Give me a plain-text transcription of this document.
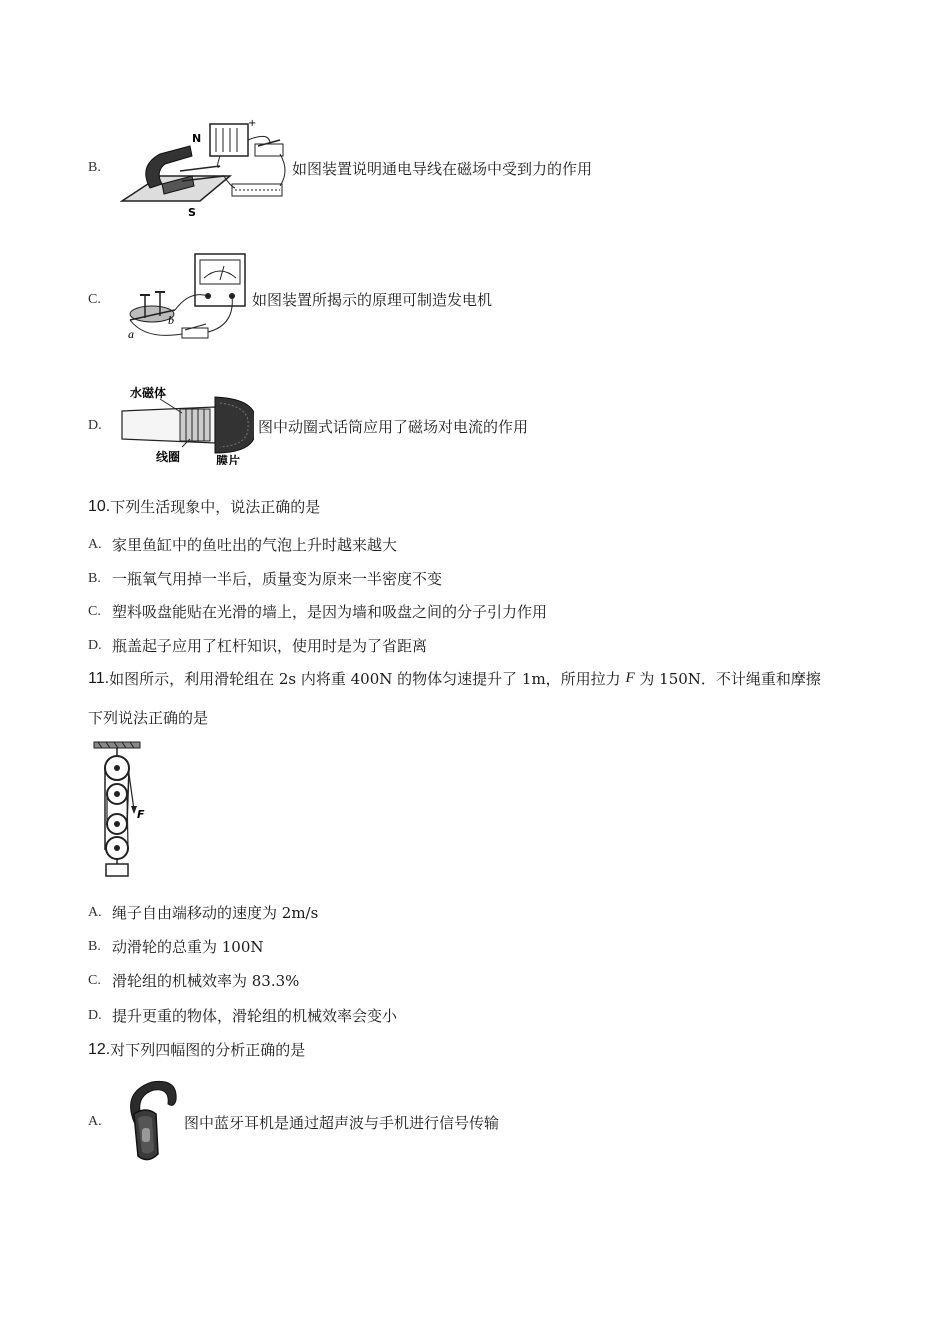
B.
N
S
+
如图装置说明通电导线在磁场中受到力的作用
C.
a
b
如图装置所揭示的原理可制造发电机
D.
水磁体
线圈	膜片
图中动圈式话筒应用了磁场对电流的作用
10. 下列生活现象中，说法正确的是
A. 家里鱼缸中的鱼吐出的气泡上升时越来越大
B. 一瓶氧气用掉一半后，质量变为原来一半密度不变
C. 塑料吸盘能贴在光滑的墙上，是因为墙和吸盘之间的分子引力作用
D. 瓶盖起子应用了杠杆知识，使用时是为了省距离
11. 如图所示，利用滑轮组在 2s 内将重 400N 的物体匀速提升了 1m，所用拉力 F 为 150N．不计绳重和摩擦
下列说法正确的是
F
A. 绳子自由端移动的速度为 2m/s
B. 动滑轮的总重为 100N
C. 滑轮组的机械效率为 83.3%
D. 提升更重的物体，滑轮组的机械效率会变小
12. 对下列四幅图的分析正确的是
A.	图中蓝牙耳机是通过超声波与手机进行信号传输
